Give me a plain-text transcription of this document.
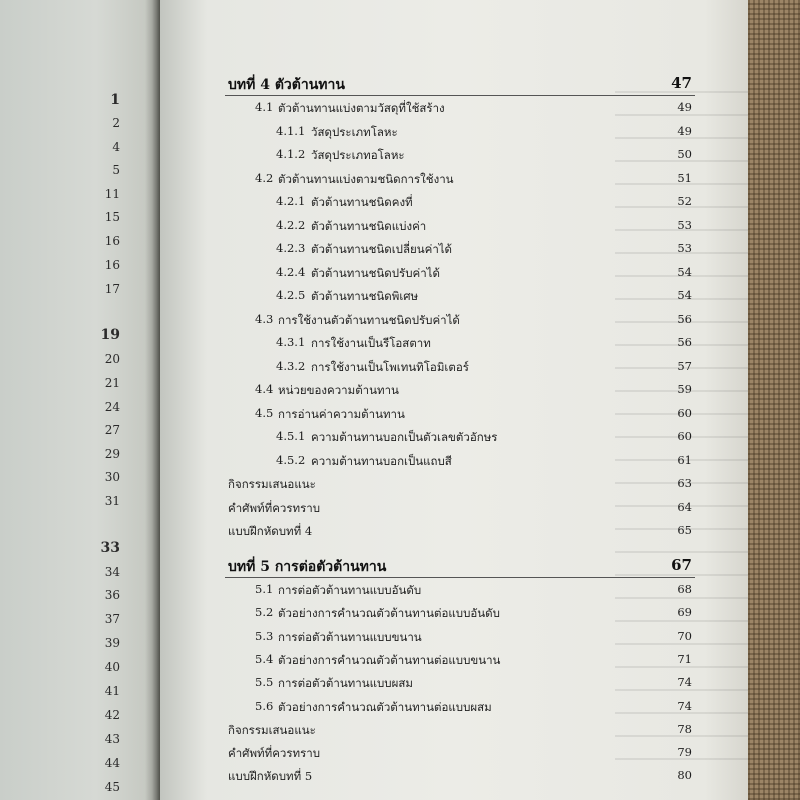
1
2
4
5
11
15
16
16
17
19
20
21
24
27
29
30
31
33
34
36
37
39
40
41
42
43
44
45
บทที่ 4 ตัวต้านทาน	47
4.1 ตัวต้านทานแบ่งตามวัสดุที่ใช้สร้าง	49
4.1.1 วัสดุประเภทโลหะ	49
4.1.2 วัสดุประเภทอโลหะ	50
4.2 ตัวต้านทานแบ่งตามชนิดการใช้งาน	51
4.2.1 ตัวต้านทานชนิดคงที่	52
4.2.2 ตัวต้านทานชนิดแบ่งค่า	53
4.2.3 ตัวต้านทานชนิดเปลี่ยนค่าได้	53
4.2.4 ตัวต้านทานชนิดปรับค่าได้	54
4.2.5 ตัวต้านทานชนิดพิเศษ	54
4.3 การใช้งานตัวต้านทานชนิดปรับค่าได้	56
4.3.1 การใช้งานเป็นรีโอสตาท	56
4.3.2 การใช้งานเป็นโพเทนทิโอมิเตอร์	57
4.4 หน่วยของความต้านทาน	59
4.5 การอ่านค่าความต้านทาน	60
4.5.1 ความต้านทานบอกเป็นตัวเลขตัวอักษร	60
4.5.2 ความต้านทานบอกเป็นแถบสี	61
กิจกรรมเสนอแนะ	63
คำศัพท์ที่ควรทราบ	64
แบบฝึกหัดบทที่ 4	65
บทที่ 5 การต่อตัวต้านทาน	67
5.1 การต่อตัวต้านทานแบบอันดับ	68
5.2 ตัวอย่างการคำนวณตัวต้านทานต่อแบบอันดับ	69
5.3 การต่อตัวต้านทานแบบขนาน	70
5.4 ตัวอย่างการคำนวณตัวต้านทานต่อแบบขนาน	71
5.5 การต่อตัวต้านทานแบบผสม	74
5.6 ตัวอย่างการคำนวณตัวต้านทานต่อแบบผสม	74
กิจกรรมเสนอแนะ	78
คำศัพท์ที่ควรทราบ	79
แบบฝึกหัดบทที่ 5	80
